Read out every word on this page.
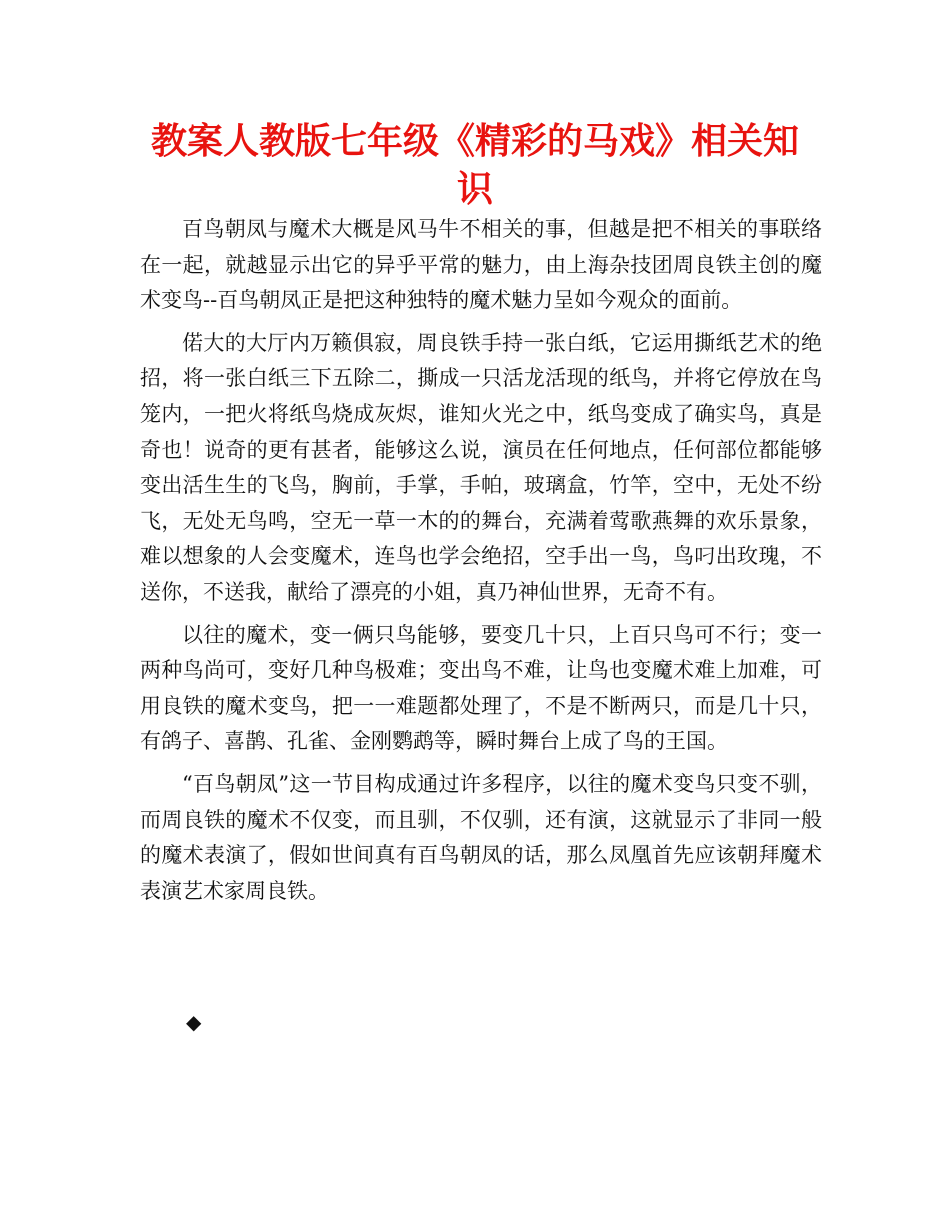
教案人教版七年级《精彩的马戏》相关知识

百鸟朝凤与魔术大概是风马牛不相关的事，但越是把不相关的事联络在一起，就越显示出它的异乎平常的魅力，由上海杂技团周良铁主创的魔术变鸟--百鸟朝凤正是把这种独特的魔术魅力呈如今观众的面前。

偌大的大厅内万籁俱寂，周良铁手持一张白纸，它运用撕纸艺术的绝招，将一张白纸三下五除二，撕成一只活龙活现的纸鸟，并将它停放在鸟笼内，一把火将纸鸟烧成灰烬，谁知火光之中，纸鸟变成了确实鸟，真是奇也！说奇的更有甚者，能够这么说，演员在任何地点，任何部位都能够变出活生生的飞鸟，胸前，手掌，手帕，玻璃盒，竹竿，空中，无处不纷飞，无处无鸟鸣，空无一草一木的的舞台，充满着莺歌燕舞的欢乐景象，难以想象的人会变魔术，连鸟也学会绝招，空手出一鸟，鸟叼出玫瑰，不送你，不送我，献给了漂亮的小姐，真乃神仙世界，无奇不有。

以往的魔术，变一俩只鸟能够，要变几十只，上百只鸟可不行；变一两种鸟尚可，变好几种鸟极难；变出鸟不难，让鸟也变魔术难上加难，可用良铁的魔术变鸟，把一一难题都处理了，不是不断两只，而是几十只，有鸽子、喜鹊、孔雀、金刚鹦鹉等，瞬时舞台上成了鸟的王国。

“百鸟朝凤”这一节目构成通过许多程序，以往的魔术变鸟只变不驯，而周良铁的魔术不仅变，而且驯，不仅驯，还有演，这就显示了非同一般的魔术表演了，假如世间真有百鸟朝凤的话，那么凤凰首先应该朝拜魔术表演艺术家周良铁。

◆
